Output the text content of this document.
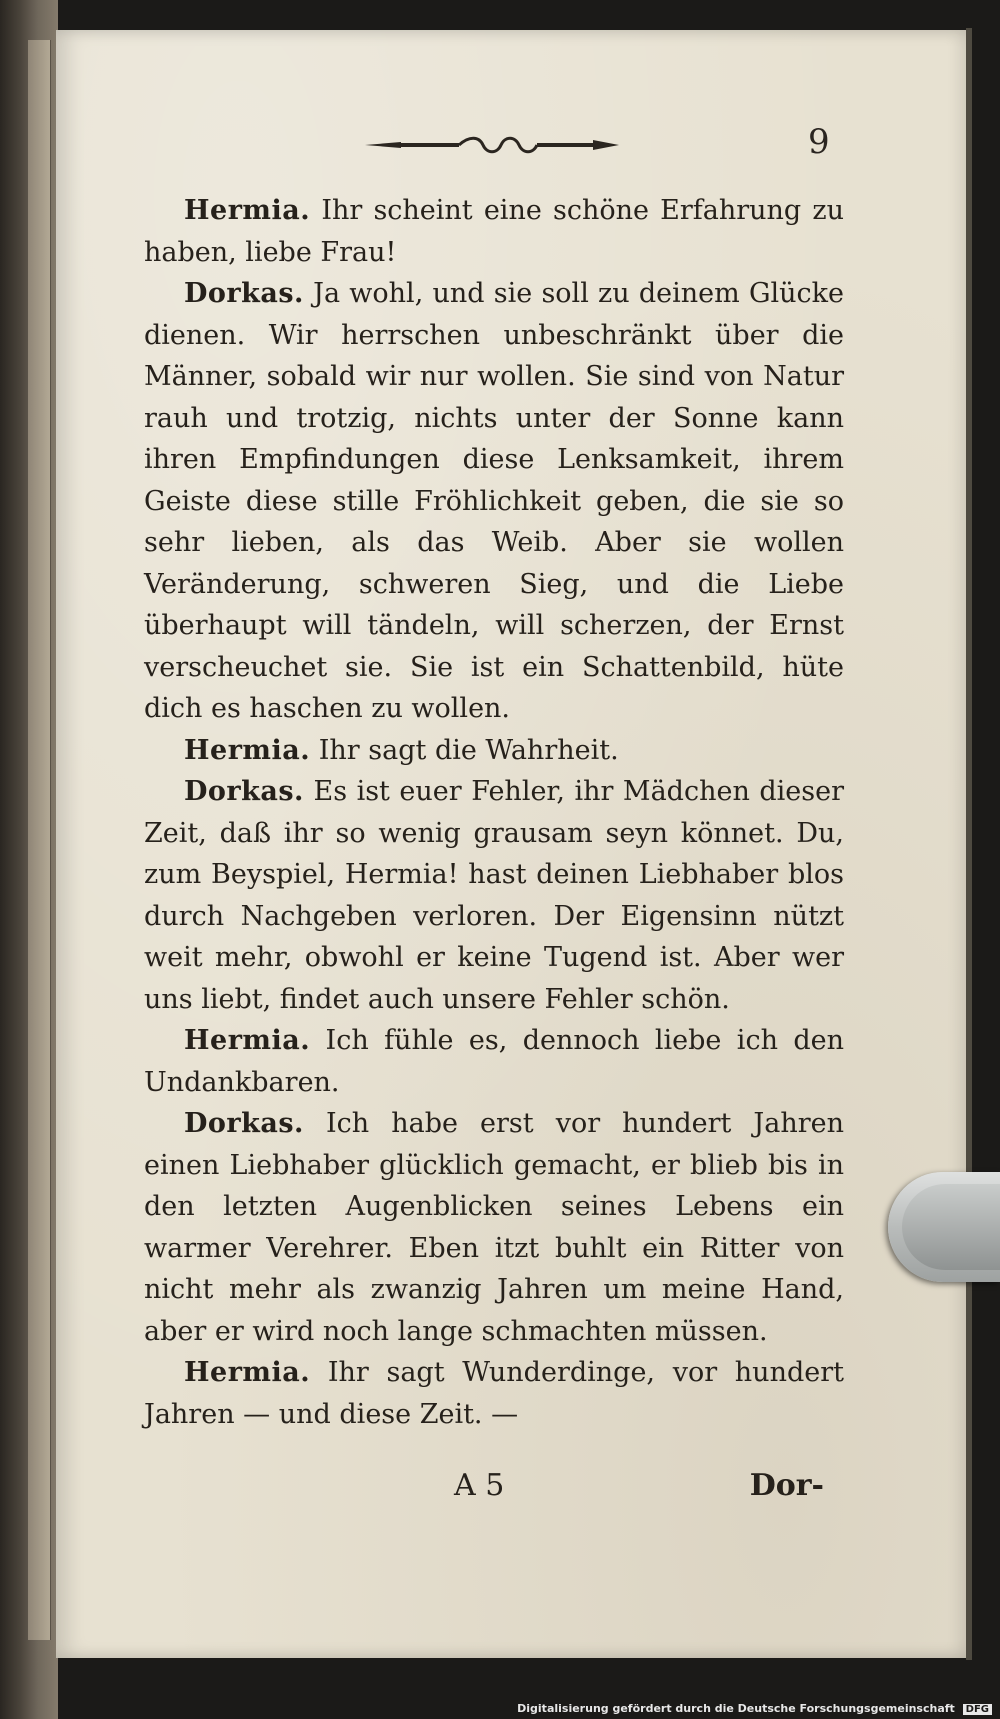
9

Hermia. Ihr scheint eine schöne Erfahrung zu haben, liebe Frau!

Dorkas. Ja wohl, und sie soll zu deinem Glücke dienen. Wir herrschen unbeschränkt über die Männer, sobald wir nur wollen. Sie sind von Natur rauh und trotzig, nichts unter der Sonne kann ihren Empfindungen diese Lenksamkeit, ihrem Geiste diese stille Fröhlichkeit geben, die sie so sehr lieben, als das Weib. Aber sie wollen Veränderung, schweren Sieg, und die Liebe überhaupt will tändeln, will scherzen, der Ernst verscheuchet sie. Sie ist ein Schattenbild, hüte dich es haschen zu wollen.

Hermia. Ihr sagt die Wahrheit.

Dorkas. Es ist euer Fehler, ihr Mädchen dieser Zeit, daß ihr so wenig grausam seyn könnet. Du, zum Beyspiel, Hermia! hast deinen Liebhaber blos durch Nachgeben verloren. Der Eigensinn nützt weit mehr, obwohl er keine Tugend ist. Aber wer uns liebt, findet auch unsere Fehler schön.

Hermia. Ich fühle es, dennoch liebe ich den Undankbaren.

Dorkas. Ich habe erst vor hundert Jahren einen Liebhaber glücklich gemacht, er blieb bis in den letzten Augenblicken seines Lebens ein warmer Verehrer. Eben itzt buhlt ein Ritter von nicht mehr als zwanzig Jahren um meine Hand, aber er wird noch lange schmachten müssen.

Hermia. Ihr sagt Wunderdinge, vor hundert Jahren — und diese Zeit. —

A 5	Dor-
Digitalisierung gefördert durch die Deutsche Forschungsgemeinschaft DFG
